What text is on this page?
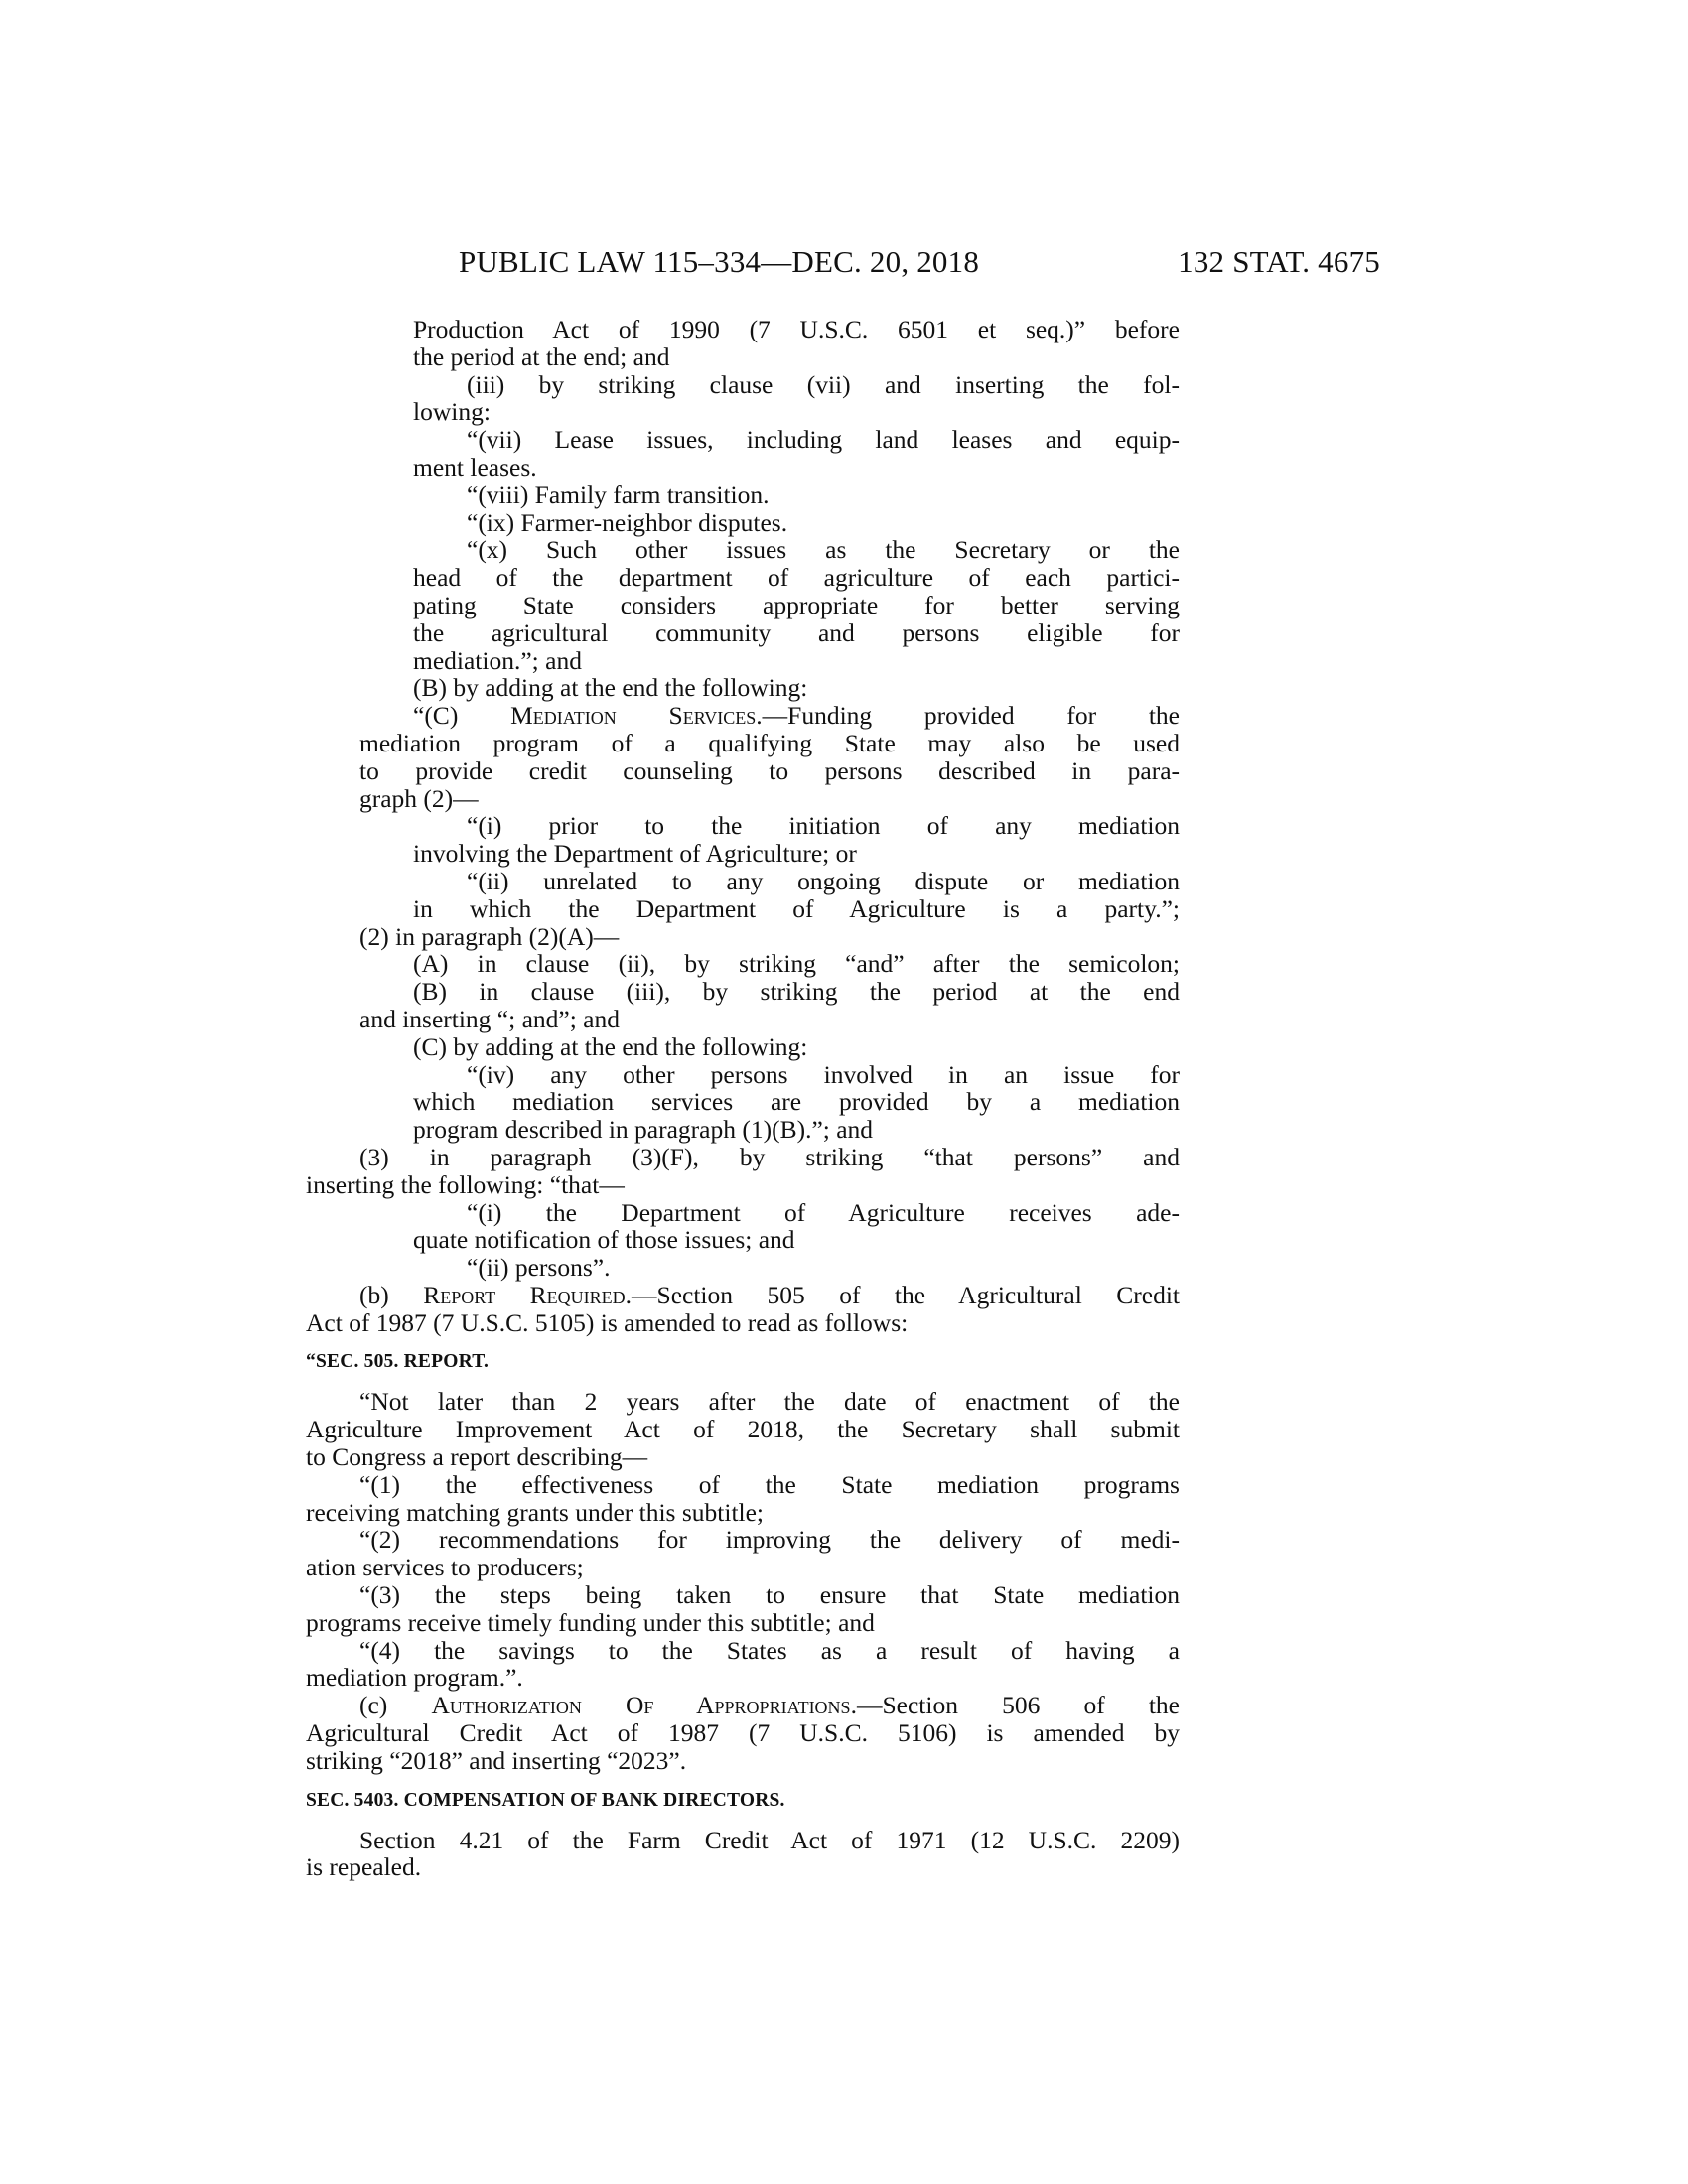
PUBLIC LAW 115–334—DEC. 20, 2018	132 STAT. 4675
Production Act of 1990 (7 U.S.C. 6501 et seq.)” before
the period at the end; and
(iii) by striking clause (vii) and inserting the fol-
lowing:
“(vii) Lease issues, including land leases and equip-
ment leases.
“(viii) Family farm transition.
“(ix) Farmer-neighbor disputes.
“(x) Such other issues as the Secretary or the
head of the department of agriculture of each partici-
pating State considers appropriate for better serving
the agricultural community and persons eligible for
mediation.”; and
(B) by adding at the end the following:
“(C) Mediation Services.—Funding provided for the
mediation program of a qualifying State may also be used
to provide credit counseling to persons described in para-
graph (2)—
“(i) prior to the initiation of any mediation
involving the Department of Agriculture; or
“(ii) unrelated to any ongoing dispute or mediation
in which the Department of Agriculture is a party.”;
(2) in paragraph (2)(A)—
(A) in clause (ii), by striking “and” after the semicolon;
(B) in clause (iii), by striking the period at the end
and inserting “; and”; and
(C) by adding at the end the following:
“(iv) any other persons involved in an issue for
which mediation services are provided by a mediation
program described in paragraph (1)(B).”; and
(3) in paragraph (3)(F), by striking “that persons” and
inserting the following: “that—
“(i) the Department of Agriculture receives ade-
quate notification of those issues; and
“(ii) persons”.
(b) Report Required.—Section 505 of the Agricultural Credit
Act of 1987 (7 U.S.C. 5105) is amended to read as follows:
“SEC. 505. REPORT.
“Not later than 2 years after the date of enactment of the
Agriculture Improvement Act of 2018, the Secretary shall submit
to Congress a report describing—
“(1) the effectiveness of the State mediation programs
receiving matching grants under this subtitle;
“(2) recommendations for improving the delivery of medi-
ation services to producers;
“(3) the steps being taken to ensure that State mediation
programs receive timely funding under this subtitle; and
“(4) the savings to the States as a result of having a
mediation program.”.
(c) Authorization Of Appropriations.—Section 506 of the
Agricultural Credit Act of 1987 (7 U.S.C. 5106) is amended by
striking “2018” and inserting “2023”.
SEC. 5403. COMPENSATION OF BANK DIRECTORS.
Section 4.21 of the Farm Credit Act of 1971 (12 U.S.C. 2209)
is repealed.
